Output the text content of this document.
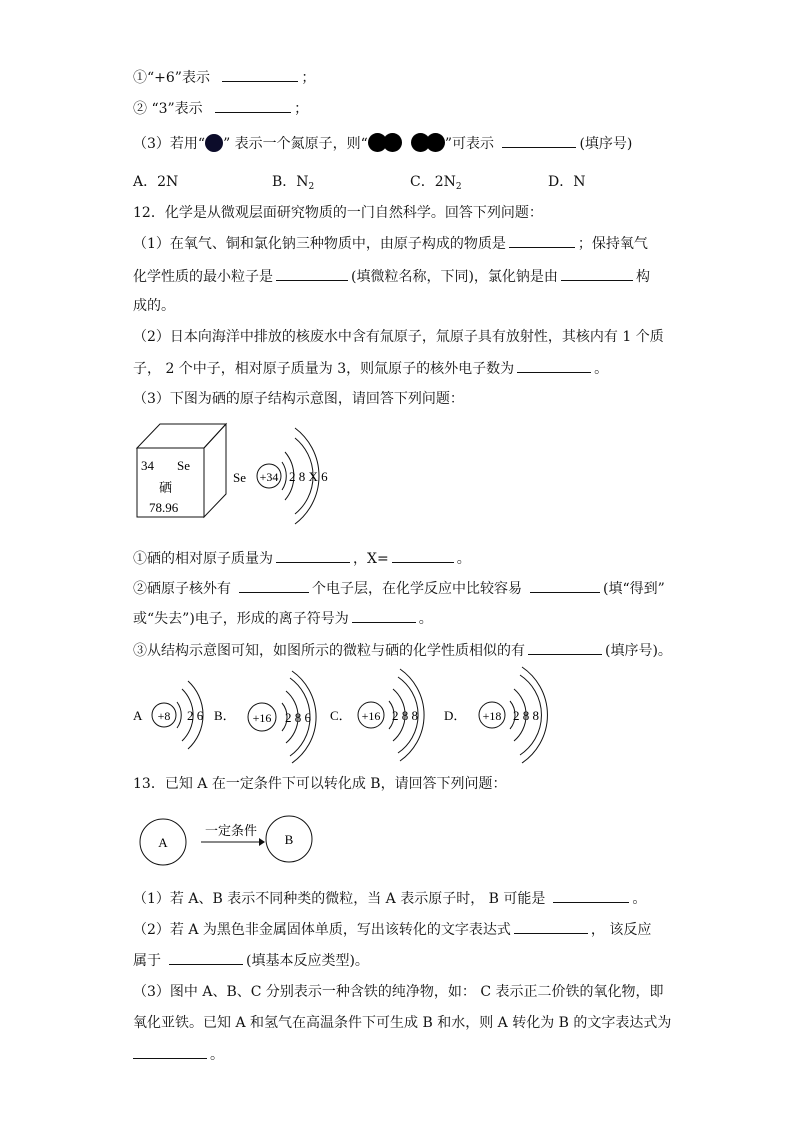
①“+6”表示	；
② “3”表示	；
（3）若用“ ” 表示一个氮原子，则“	”可表示	(填序号)
A．2N	B．$N_2$	C．$2N_2$	D．N
12．化学是从微观层面研究物质的一门自然科学。回答下列问题：
（1）在氧气、铜和氯化钠三种物质中，由原子构成的物质是	；保持氧气
化学性质的最小粒子是	(填微粒名称，下同)，氯化钠是由	构
成的。
（2）日本向海洋中排放的核废水中含有氚原子，氚原子具有放射性，其核内有 1 个质
子， 2 个中子，相对原子质量为 3，则氚原子的核外电子数为	。
（3）下图为硒的原子结构示意图，请回答下列问题：
34 Se
硒
78.96
Se +34 2 8 X 6
①硒的相对原子质量为	，X=	。
②硒原子核外有	个电子层，在化学反应中比较容易	(填“得到”
或“失去”)电子，形成的离子符号为	。
③从结构示意图可知，如图所示的微粒与硒的化学性质相似的有	(填序号)。
A +8 2 6 B． +16 2 8 6 C． +16 2 8 8 D． +18 2 8 8
13．已知 A 在一定条件下可以转化成 B，请回答下列问题：
A
一定条件
B
（1）若 A、B 表示不同种类的微粒，当 A 表示原子时， B 可能是	。
（2）若 A 为黑色非金属固体单质，写出该转化的文字表达式	， 该反应
属于	(填基本反应类型)。
（3）图中 A、B、C 分别表示一种含铁的纯净物，如： C 表示正二价铁的氧化物，即
氧化亚铁。已知 A 和氢气在高温条件下可生成 B 和水，则 A 转化为 B 的文字表达式为
。
